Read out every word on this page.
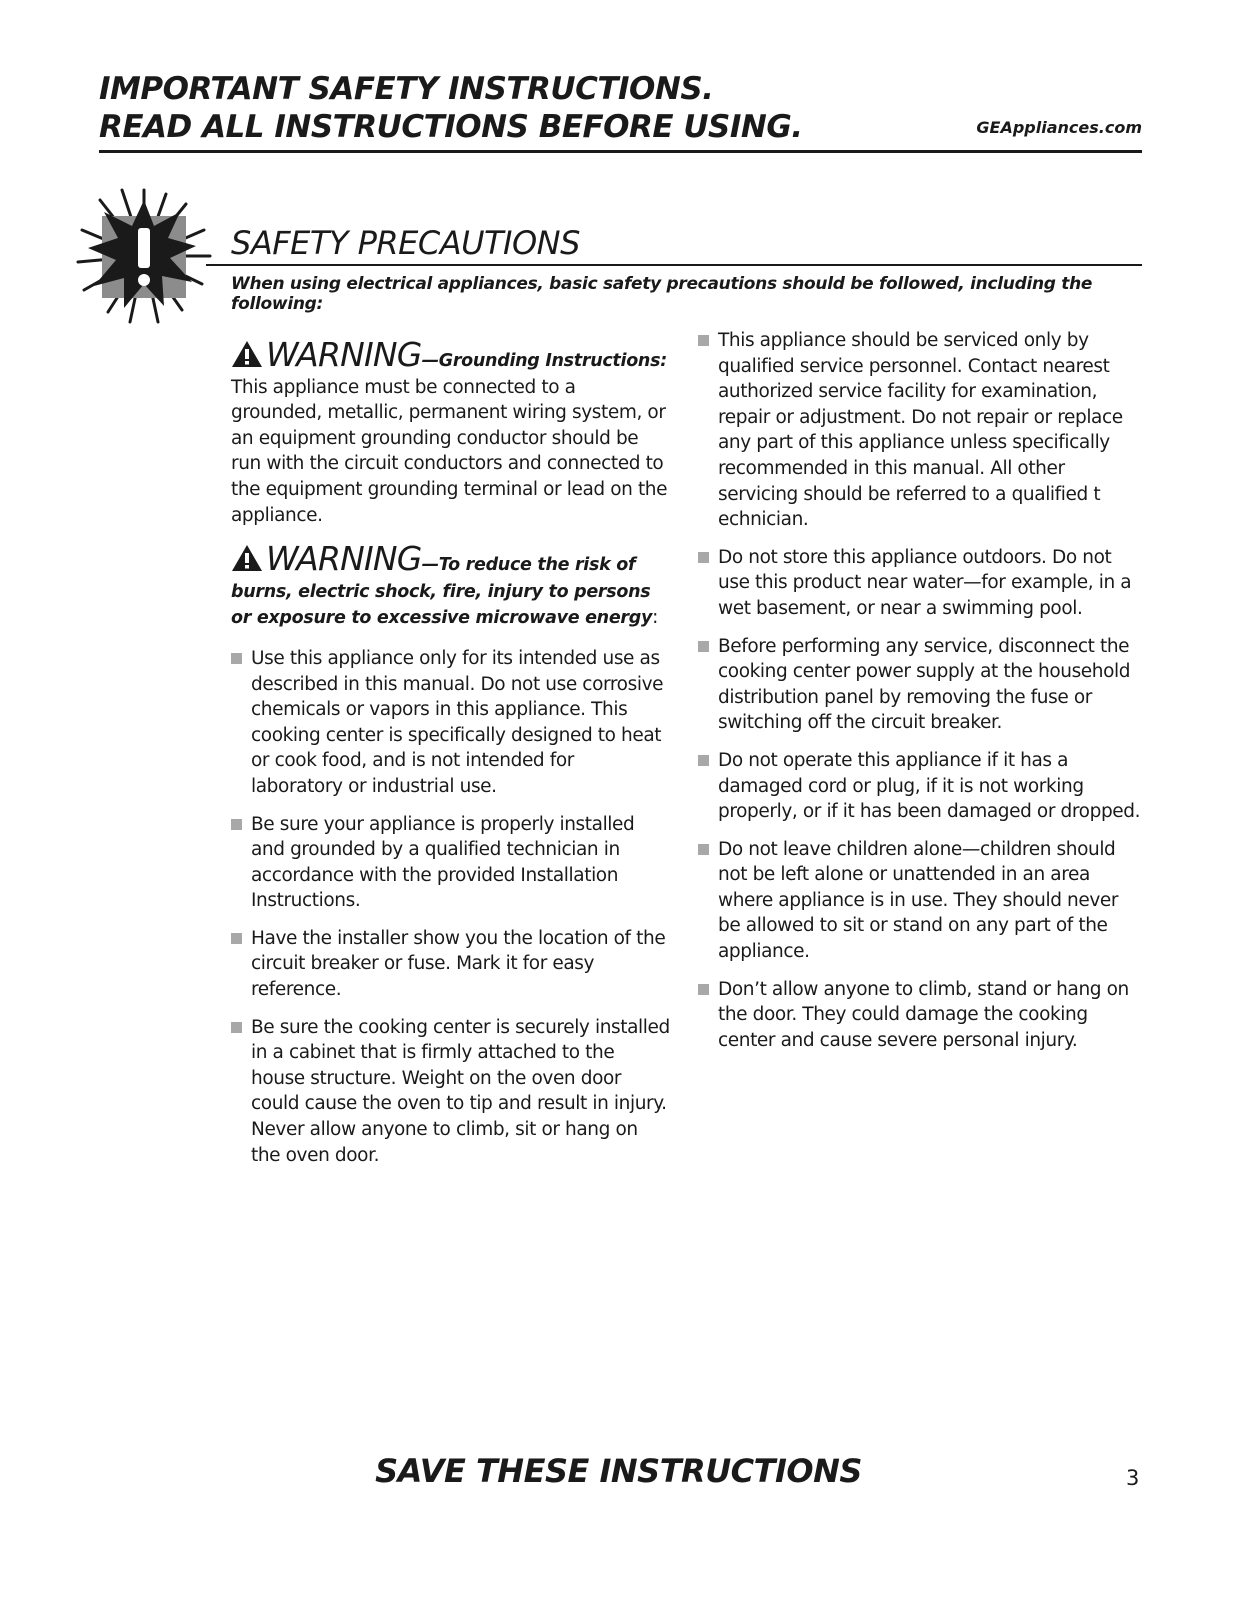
IMPORTANT SAFETY INSTRUCTIONS.

READ ALL INSTRUCTIONS BEFORE USING.	GEAppliances.com
SAFETY PRECAUTIONS
When using electrical appliances, basic safety precautions should be followed, including the following:

WARNING—Grounding Instructions:

This appliance must be connected to a grounded, metallic, permanent wiring system, or an equipment grounding conductor should be run with the circuit conductors and connected to the equipment grounding terminal or lead on the appliance.

WARNING—To reduce the risk of

burns, electric shock, fire, injury to persons or exposure to excessive microwave energy:

Use this appliance only for its intended use as described in this manual. Do not use corrosive chemicals or vapors in this appliance. This cooking center is specifically designed to heat or cook food, and is not intended for laboratory or industrial use.
Be sure your appliance is properly installed and grounded by a qualified technician in accordance with the provided Installation Instructions.
Have the installer show you the location of the circuit breaker or fuse. Mark it for easy reference.
Be sure the cooking center is securely installed in a cabinet that is firmly attached to the house structure. Weight on the oven door could cause the oven to tip and result in injury. Never allow anyone to climb, sit or hang on the oven door.
This appliance should be serviced only by qualified service personnel. Contact nearest authorized service facility for examination, repair or adjustment. Do not repair or replace any part of this appliance unless specifically recommended in this manual. All other servicing should be referred to a qualified t echnician.
Do not store this appliance outdoors. Do not use this product near water—for example, in a wet basement, or near a swimming pool.
Before performing any service, disconnect the cooking center power supply at the household distribution panel by removing the fuse or switching off the circuit breaker.
Do not operate this appliance if it has a damaged cord or plug, if it is not working properly, or if it has been damaged or dropped.
Do not leave children alone—children should not be left alone or unattended in an area where appliance is in use. They should never be allowed to sit or stand on any part of the appliance.
Don’t allow anyone to climb, stand or hang on the door. They could damage the cooking center and cause severe personal injury.
SAVE THESE INSTRUCTIONS	3
